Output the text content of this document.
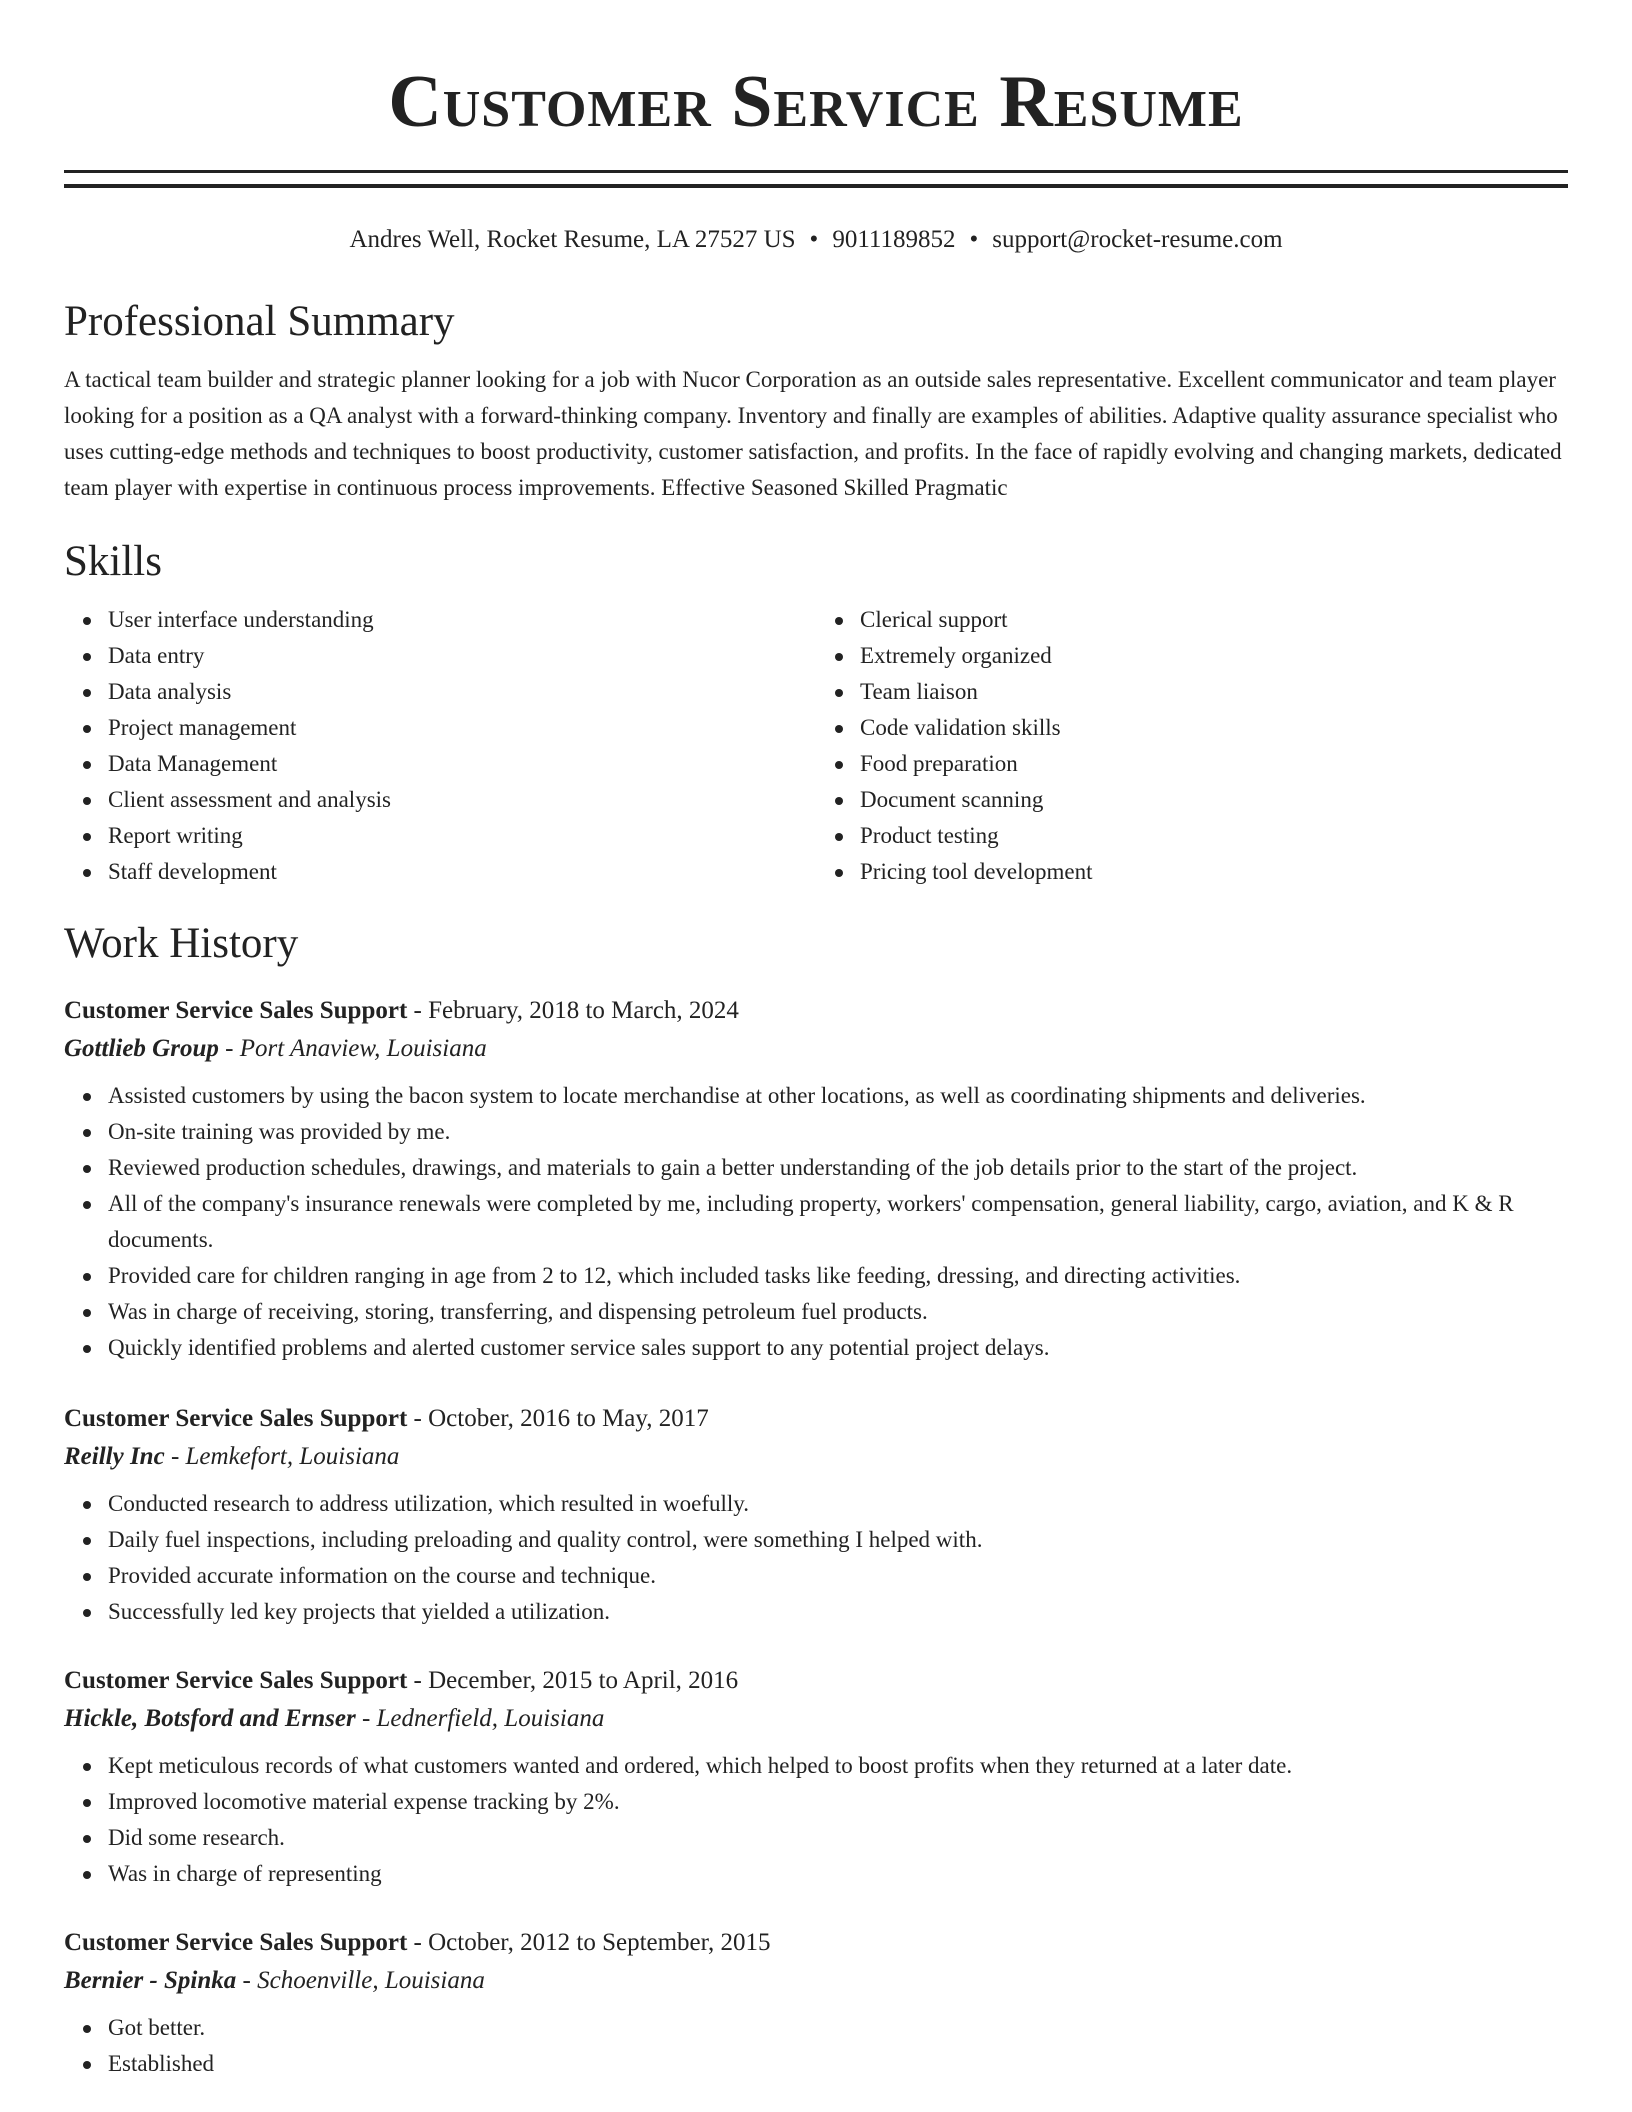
Customer Service Resume
Andres Well, Rocket Resume, LA 27527 US • 9011189852 • support@rocket-resume.com
Professional Summary

A tactical team builder and strategic planner looking for a job with Nucor Corporation as an outside sales representative. Excellent communicator and team player looking for a position as a QA analyst with a forward-thinking company. Inventory and finally are examples of abilities. Adaptive quality assurance specialist who uses cutting-edge methods and techniques to boost productivity, customer satisfaction, and profits. In the face of rapidly evolving and changing markets, dedicated team player with expertise in continuous process improvements. Effective Seasoned Skilled Pragmatic

Skills
User interface understanding
Data entry
Data analysis
Project management
Data Management
Client assessment and analysis
Report writing
Staff development
Clerical support
Extremely organized
Team liaison
Code validation skills
Food preparation
Document scanning
Product testing
Pricing tool development
Work History
Customer Service Sales Support - February, 2018 to March, 2024
Gottlieb Group - Port Anaview, Louisiana
Assisted customers by using the bacon system to locate merchandise at other locations, as well as coordinating shipments and deliveries.
On-site training was provided by me.
Reviewed production schedules, drawings, and materials to gain a better understanding of the job details prior to the start of the project.
All of the company's insurance renewals were completed by me, including property, workers' compensation, general liability, cargo, aviation, and K & R documents.
Provided care for children ranging in age from 2 to 12, which included tasks like feeding, dressing, and directing activities.
Was in charge of receiving, storing, transferring, and dispensing petroleum fuel products.
Quickly identified problems and alerted customer service sales support to any potential project delays.
Customer Service Sales Support - October, 2016 to May, 2017
Reilly Inc - Lemkefort, Louisiana
Conducted research to address utilization, which resulted in woefully.
Daily fuel inspections, including preloading and quality control, were something I helped with.
Provided accurate information on the course and technique.
Successfully led key projects that yielded a utilization.
Customer Service Sales Support - December, 2015 to April, 2016
Hickle, Botsford and Ernser - Lednerfield, Louisiana
Kept meticulous records of what customers wanted and ordered, which helped to boost profits when they returned at a later date.
Improved locomotive material expense tracking by 2%.
Did some research.
Was in charge of representing
Customer Service Sales Support - October, 2012 to September, 2015
Bernier - Spinka - Schoenville, Louisiana
Got better.
Established
